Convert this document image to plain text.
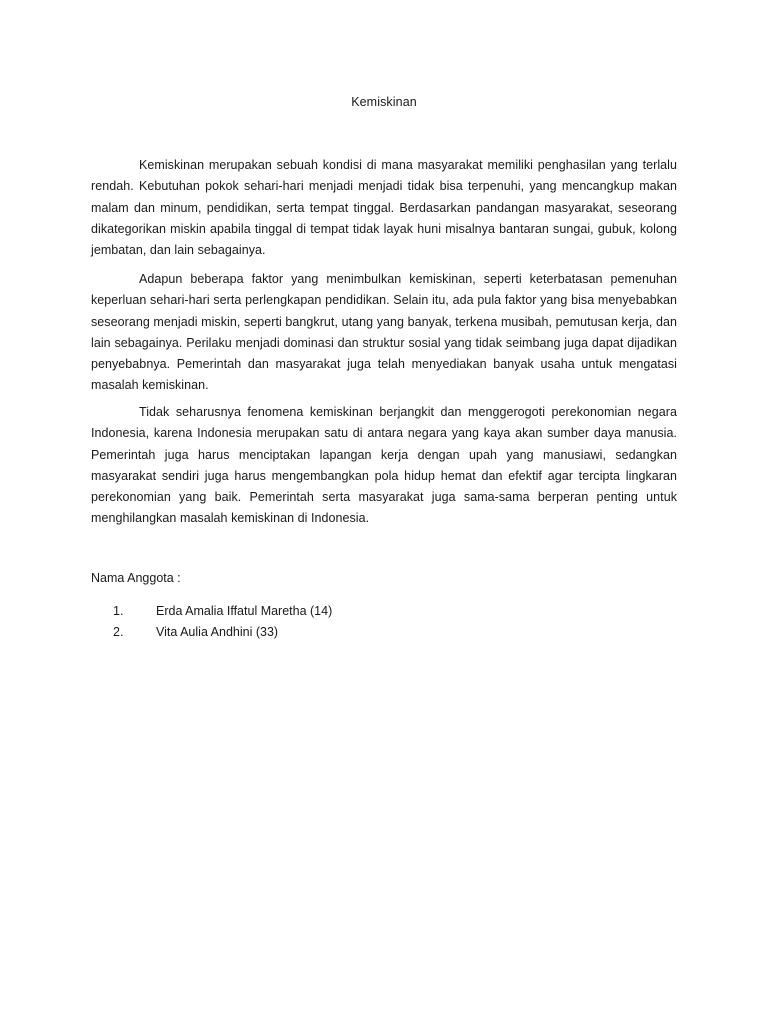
Kemiskinan

Kemiskinan merupakan sebuah kondisi di mana masyarakat memiliki penghasilan yang terlalu rendah. Kebutuhan pokok sehari-hari menjadi menjadi tidak bisa terpenuhi, yang mencangkup makan malam dan minum, pendidikan, serta tempat tinggal. Berdasarkan pandangan masyarakat, seseorang dikategorikan miskin apabila tinggal di tempat tidak layak huni misalnya bantaran sungai, gubuk, kolong jembatan, dan lain sebagainya.

Adapun beberapa faktor yang menimbulkan kemiskinan, seperti keterbatasan pemenuhan keperluan sehari-hari serta perlengkapan pendidikan. Selain itu, ada pula faktor yang bisa menyebabkan seseorang menjadi miskin, seperti bangkrut, utang yang banyak, terkena musibah, pemutusan kerja, dan lain sebagainya. Perilaku menjadi dominasi dan struktur sosial yang tidak seimbang juga dapat dijadikan penyebabnya. Pemerintah dan masyarakat juga telah menyediakan banyak usaha untuk mengatasi masalah kemiskinan.

Tidak seharusnya fenomena kemiskinan berjangkit dan menggerogoti perekonomian negara Indonesia, karena Indonesia merupakan satu di antara negara yang kaya akan sumber daya manusia. Pemerintah juga harus menciptakan lapangan kerja dengan upah yang manusiawi, sedangkan masyarakat sendiri juga harus mengembangkan pola hidup hemat dan efektif agar tercipta lingkaran perekonomian yang baik. Pemerintah serta masyarakat juga sama-sama berperan penting untuk menghilangkan masalah kemiskinan di Indonesia.

Nama Anggota :
1.	Erda Amalia Iffatul Maretha (14)
2.	Vita Aulia Andhini (33)
